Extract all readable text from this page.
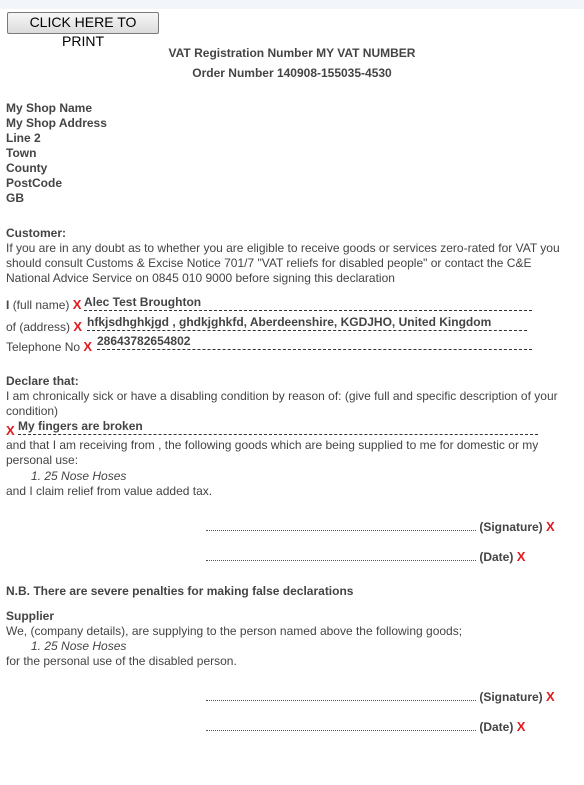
CLICK HERE TO PRINT
VAT Registration Number MY VAT NUMBER
Order Number 140908-155035-4530
My Shop Name
My Shop Address
Line 2
Town
County
PostCode
GB
Customer:
If you are in any doubt as to whether you are eligible to receive goods or services zero-rated for VAT you
should consult Customs & Excise Notice 701/7 "VAT reliefs for disabled people" or contact the C&E
National Advice Service on 0845 010 9000 before signing this declaration
I (full name) X Alec Test Broughton
of (address) X hfkjsdhghkjgd , ghdkjghkfd, Aberdeenshire, KGDJHO, United Kingdom
Telephone No X 28643782654802
Declare that:
I am chronically sick or have a disabling condition by reason of: (give full and specific description of your
condition)
X My fingers are broken
and that I am receiving from , the following goods which are being supplied to me for domestic or my
personal use:
1. 25 Nose Hoses
and I claim relief from value added tax.
(Signature) X
(Date) X
N.B. There are severe penalties for making false declarations
Supplier
We, (company details), are supplying to the person named above the following goods;
1. 25 Nose Hoses
for the personal use of the disabled person.
(Signature) X
(Date) X
